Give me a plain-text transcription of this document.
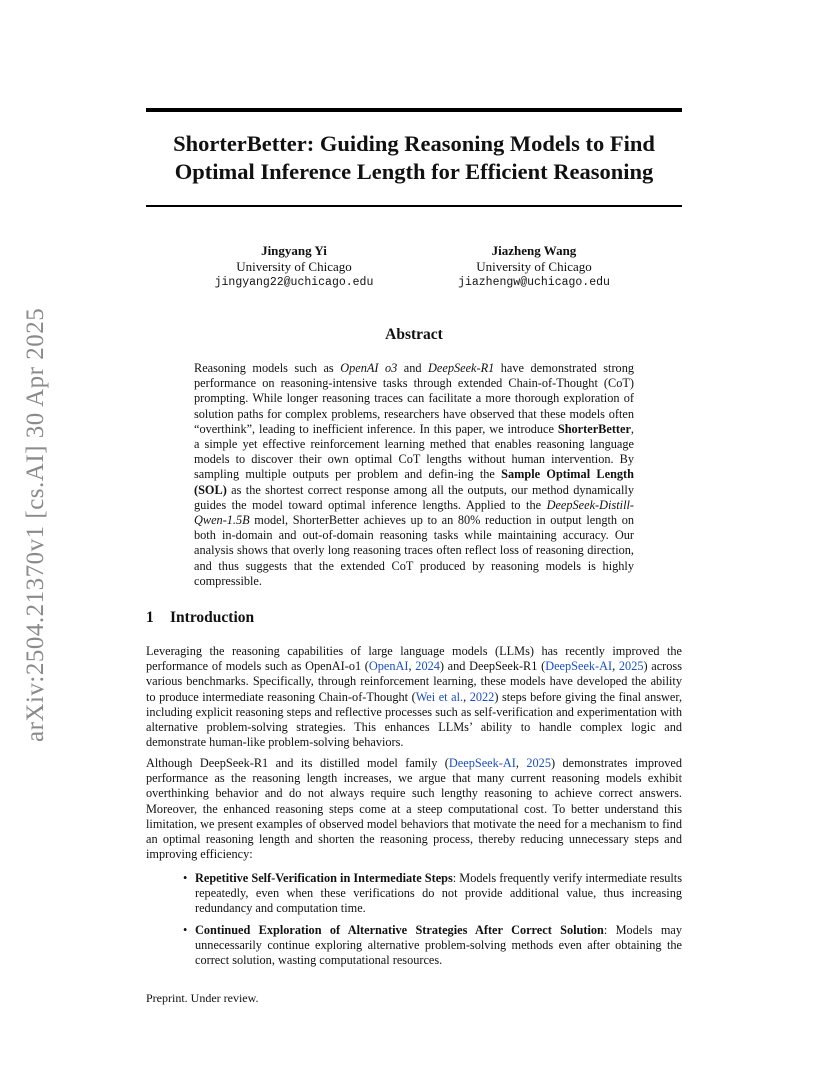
arXiv:2504.21370v1 [cs.AI] 30 Apr 2025
ShorterBetter: Guiding Reasoning Models to Find
Optimal Inference Length for Efficient Reasoning
Jingyang Yi
University of Chicago
jingyang22@uchicago.edu
Jiazheng Wang
University of Chicago
jiazhengw@uchicago.edu
Abstract

Reasoning models such as OpenAI o3 and DeepSeek-R1 have demonstrated strong performance on reasoning-intensive tasks through extended Chain-of-Thought (CoT) prompting. While longer reasoning traces can facilitate a more thorough exploration of solution paths for complex problems, researchers have observed that these models often “overthink”, leading to inefficient inference. In this paper, we introduce ShorterBetter, a simple yet effective reinforcement learning methed that enables reasoning language models to discover their own optimal CoT lengths without human intervention. By sampling multiple outputs per problem and defin-ing the Sample Optimal Length (SOL) as the shortest correct response among all the outputs, our method dynamically guides the model toward optimal inference lengths. Applied to the DeepSeek-Distill-Qwen-1.5B model, ShorterBetter achieves up to an 80% reduction in output length on both in-domain and out-of-domain reasoning tasks while maintaining accuracy. Our analysis shows that overly long reasoning traces often reflect loss of reasoning direction, and thus suggests that the extended CoT produced by reasoning models is highly compressible.

1 Introduction

Leveraging the reasoning capabilities of large language models (LLMs) has recently improved the performance of models such as OpenAI-o1 (OpenAI, 2024) and DeepSeek-R1 (DeepSeek-AI, 2025) across various benchmarks. Specifically, through reinforcement learning, these models have developed the ability to produce intermediate reasoning Chain-of-Thought (Wei et al., 2022) steps before giving the final answer, including explicit reasoning steps and reflective processes such as self-verification and experimentation with alternative problem-solving strategies. This enhances LLMs’ ability to handle complex logic and demonstrate human-like problem-solving behaviors.

Although DeepSeek-R1 and its distilled model family (DeepSeek-AI, 2025) demonstrates improved performance as the reasoning length increases, we argue that many current reasoning models exhibit overthinking behavior and do not always require such lengthy reasoning to achieve correct answers. Moreover, the enhanced reasoning steps come at a steep computational cost. To better understand this limitation, we present examples of observed model behaviors that motivate the need for a mechanism to find an optimal reasoning length and shorten the reasoning process, thereby reducing unnecessary steps and improving efficiency:

• Repetitive Self-Verification in Intermediate Steps: Models frequently verify intermediate results repeatedly, even when these verifications do not provide additional value, thus increasing redundancy and computation time.
• Continued Exploration of Alternative Strategies After Correct Solution: Models may unnecessarily continue exploring alternative problem-solving methods even after obtaining the correct solution, wasting computational resources.
Preprint. Under review.
